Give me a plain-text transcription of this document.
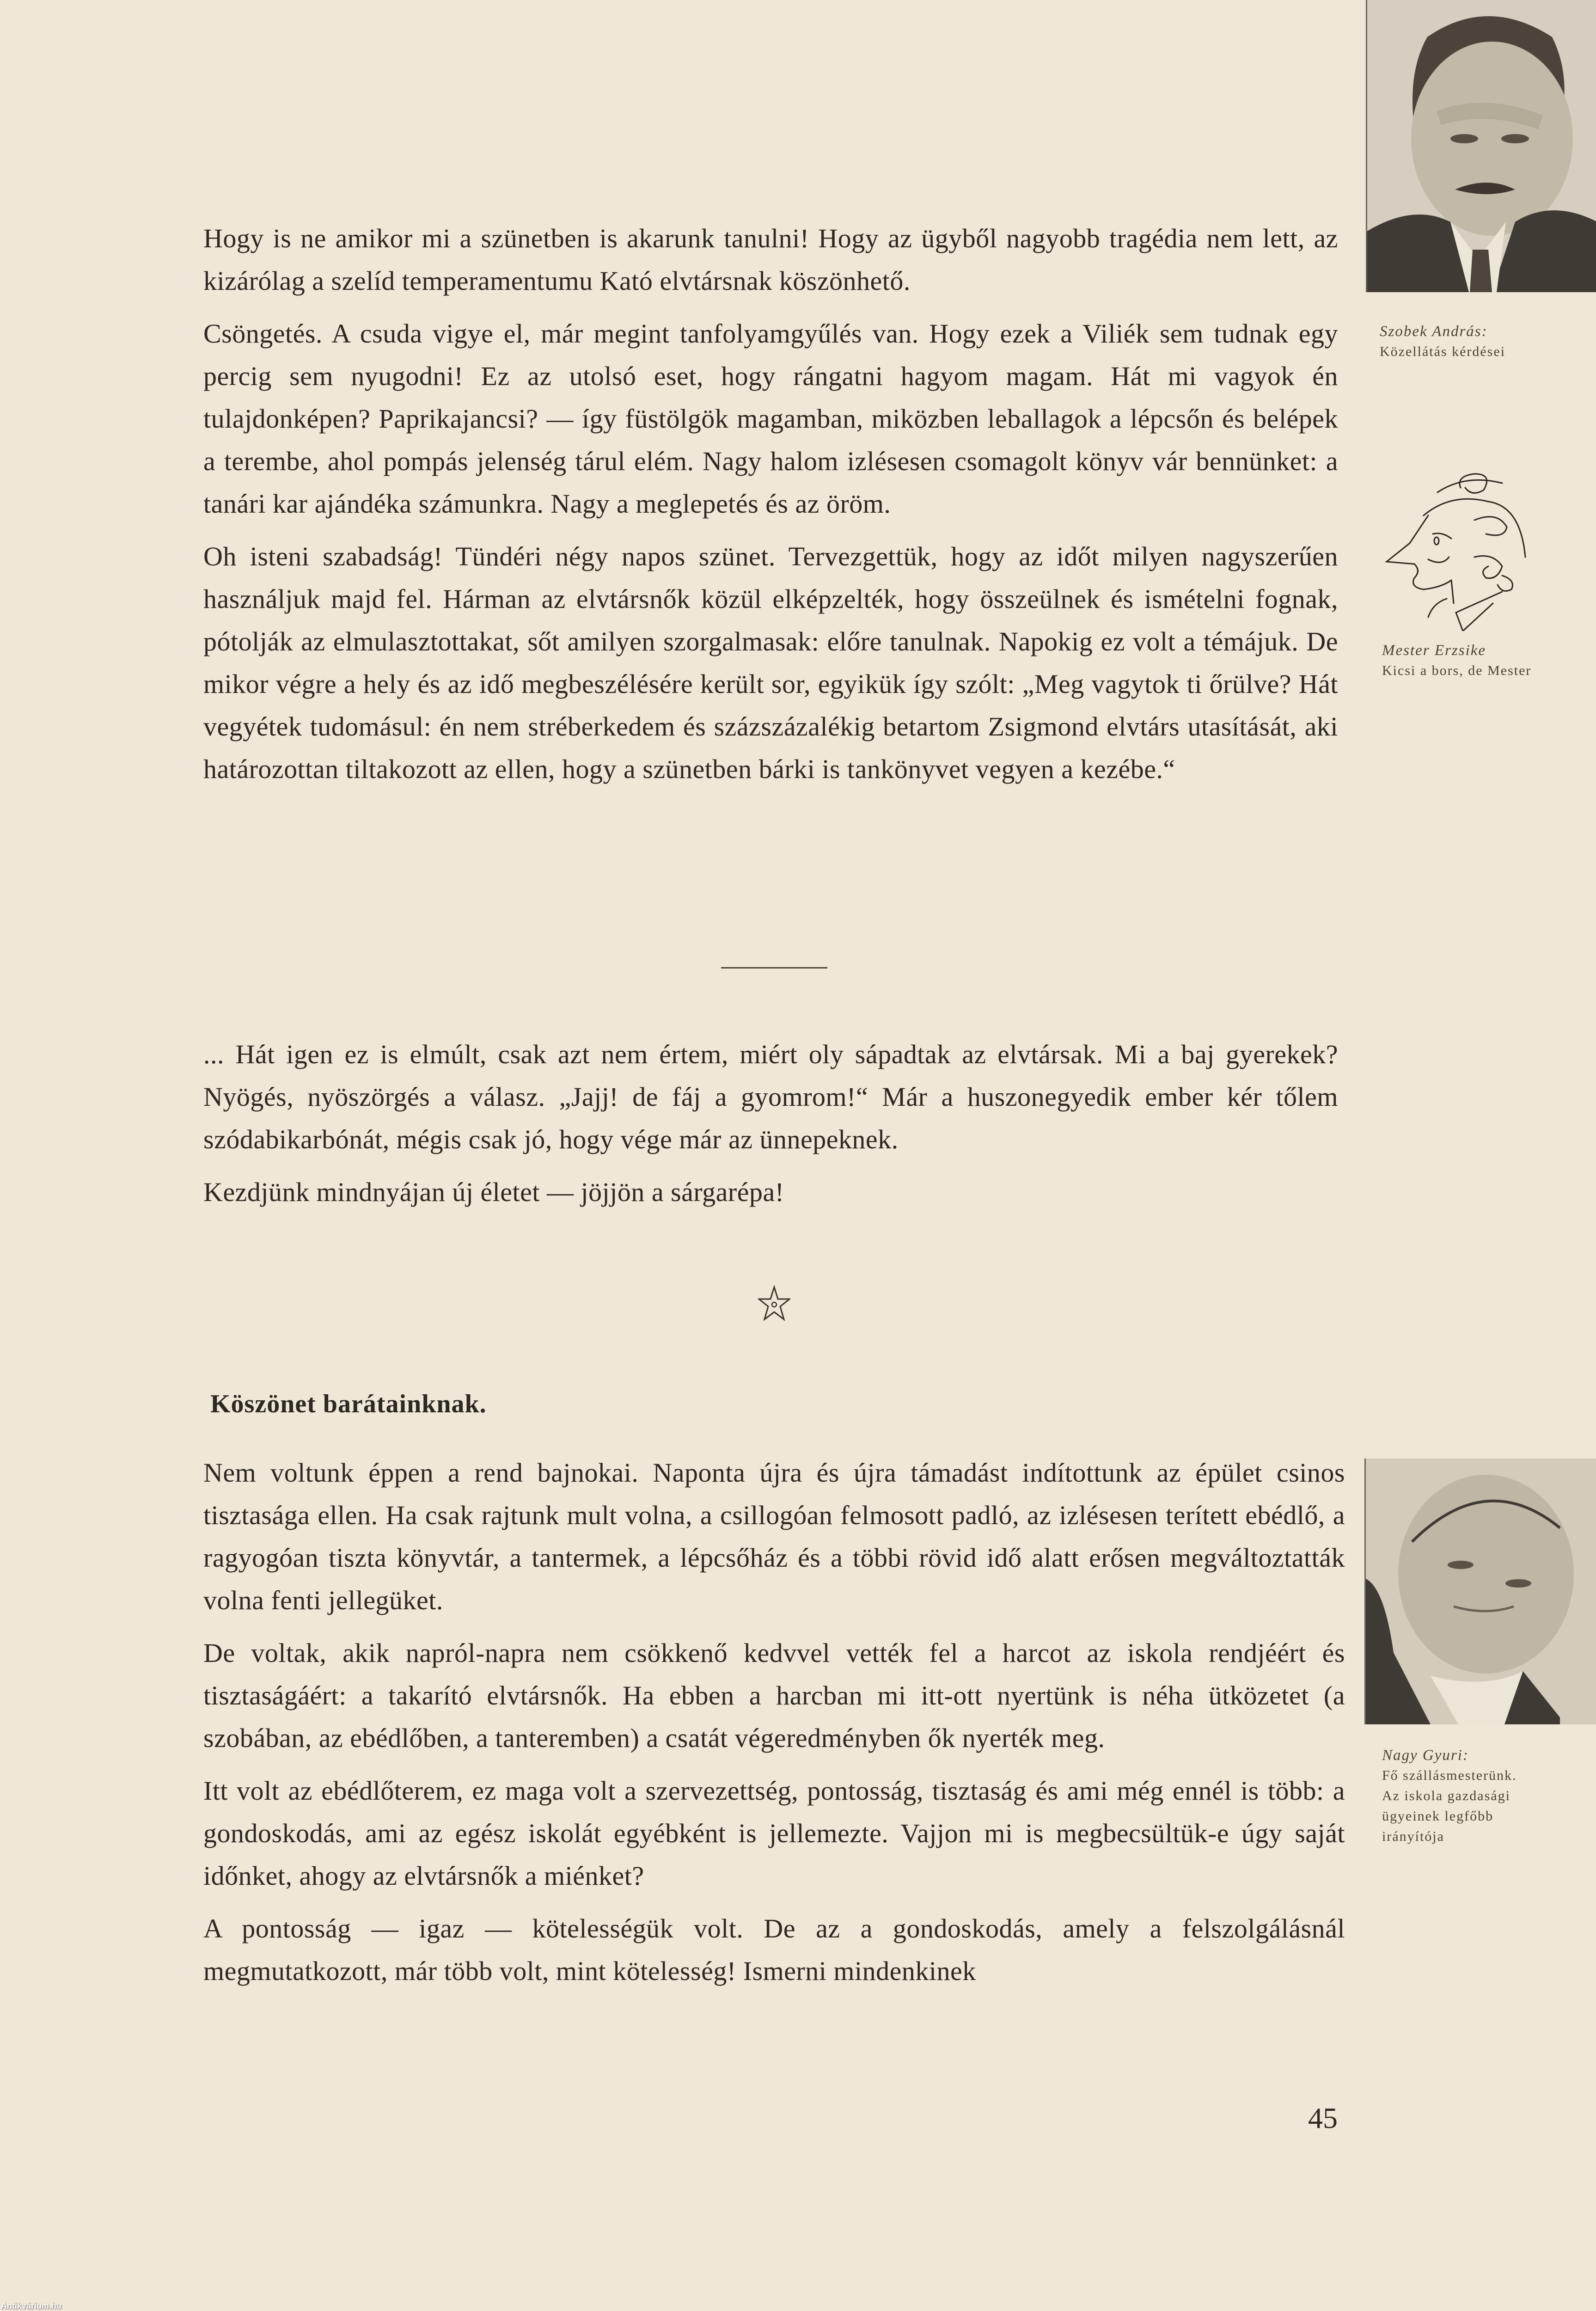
Hogy is ne amikor mi a szünetben is akarunk tanulni! Hogy az ügyből nagyobb tragédia nem lett, az kizárólag a szelíd temperamentumu Kató elvtársnak köszönhető.

Csöngetés. A csuda vigye el, már megint tanfolyamgyűlés van. Hogy ezek a Viliék sem tudnak egy percig sem nyugodni! Ez az utolsó eset, hogy rángatni hagyom magam. Hát mi vagyok én tulajdonképen? Paprikajancsi? — így füstölgök magamban, miközben leballagok a lépcsőn és belépek a terembe, ahol pompás jelenség tárul elém. Nagy halom izlésesen csomagolt könyv vár bennünket: a tanári kar ajándéka számunkra. Nagy a meglepetés és az öröm.

Oh isteni szabadság! Tündéri négy napos szünet. Tervezgettük, hogy az időt milyen nagyszerűen használjuk majd fel. Hárman az elvtársnők közül elképzelték, hogy összeülnek és ismételni fognak, pótolják az elmulasztottakat, sőt amilyen szorgalmasak: előre tanulnak. Napokig ez volt a témájuk. De mikor végre a hely és az idő megbeszélésére került sor, egyikük így szólt: „Meg vagytok ti őrülve? Hát vegyétek tudomásul: én nem stréberkedem és százszázalékig betartom Zsigmond elvtárs utasítását, aki határozottan tiltakozott az ellen, hogy a szünetben bárki is tankönyvet vegyen a kezébe.“

... Hát igen ez is elmúlt, csak azt nem értem, miért oly sápadtak az elvtársak. Mi a baj gyerekek? Nyögés, nyöszörgés a válasz. „Jajj! de fáj a gyomrom!“ Már a huszonegyedik ember kér tőlem szódabikarbónát, mégis csak jó, hogy vége már az ünnepeknek.

Kezdjünk mindnyájan új életet — jöjjön a sárgarépa!

Köszönet barátainknak.

Nem voltunk éppen a rend bajnokai. Naponta újra és újra támadást indítottunk az épület csinos tisztasága ellen. Ha csak rajtunk mult volna, a csillogóan felmosott padló, az izlésesen terített ebédlő, a ragyogóan tiszta könyvtár, a tantermek, a lépcsőház és a többi rövid idő alatt erősen megváltoztatták volna fenti jellegüket.

De voltak, akik napról-napra nem csökkenő kedvvel vették fel a harcot az iskola rendjéért és tisztaságáért: a takarító elvtársnők. Ha ebben a harcban mi itt-ott nyertünk is néha ütközetet (a szobában, az ebédlőben, a tanteremben) a csatát végeredményben ők nyerték meg.

Itt volt az ebédlőterem, ez maga volt a szervezettség, pontosság, tisztaság és ami még ennél is több: a gondoskodás, ami az egész iskolát egyébként is jellemezte. Vajjon mi is megbecsültük-e úgy saját időnket, ahogy az elvtársnők a miénket?

A pontosság — igaz — kötelességük volt. De az a gondoskodás, amely a felszolgálásnál megmutatkozott, már több volt, mint kötelesség! Ismerni mindenkinek

Szobek András:
Közellátás kérdései
Mester Erzsike
Kicsi a bors, de Mester
Nagy Gyuri:
Fő szállásmesterünk.
Az iskola gazdasági
ügyeinek legfőbb
irányítója
45
Antikvárium.hu
